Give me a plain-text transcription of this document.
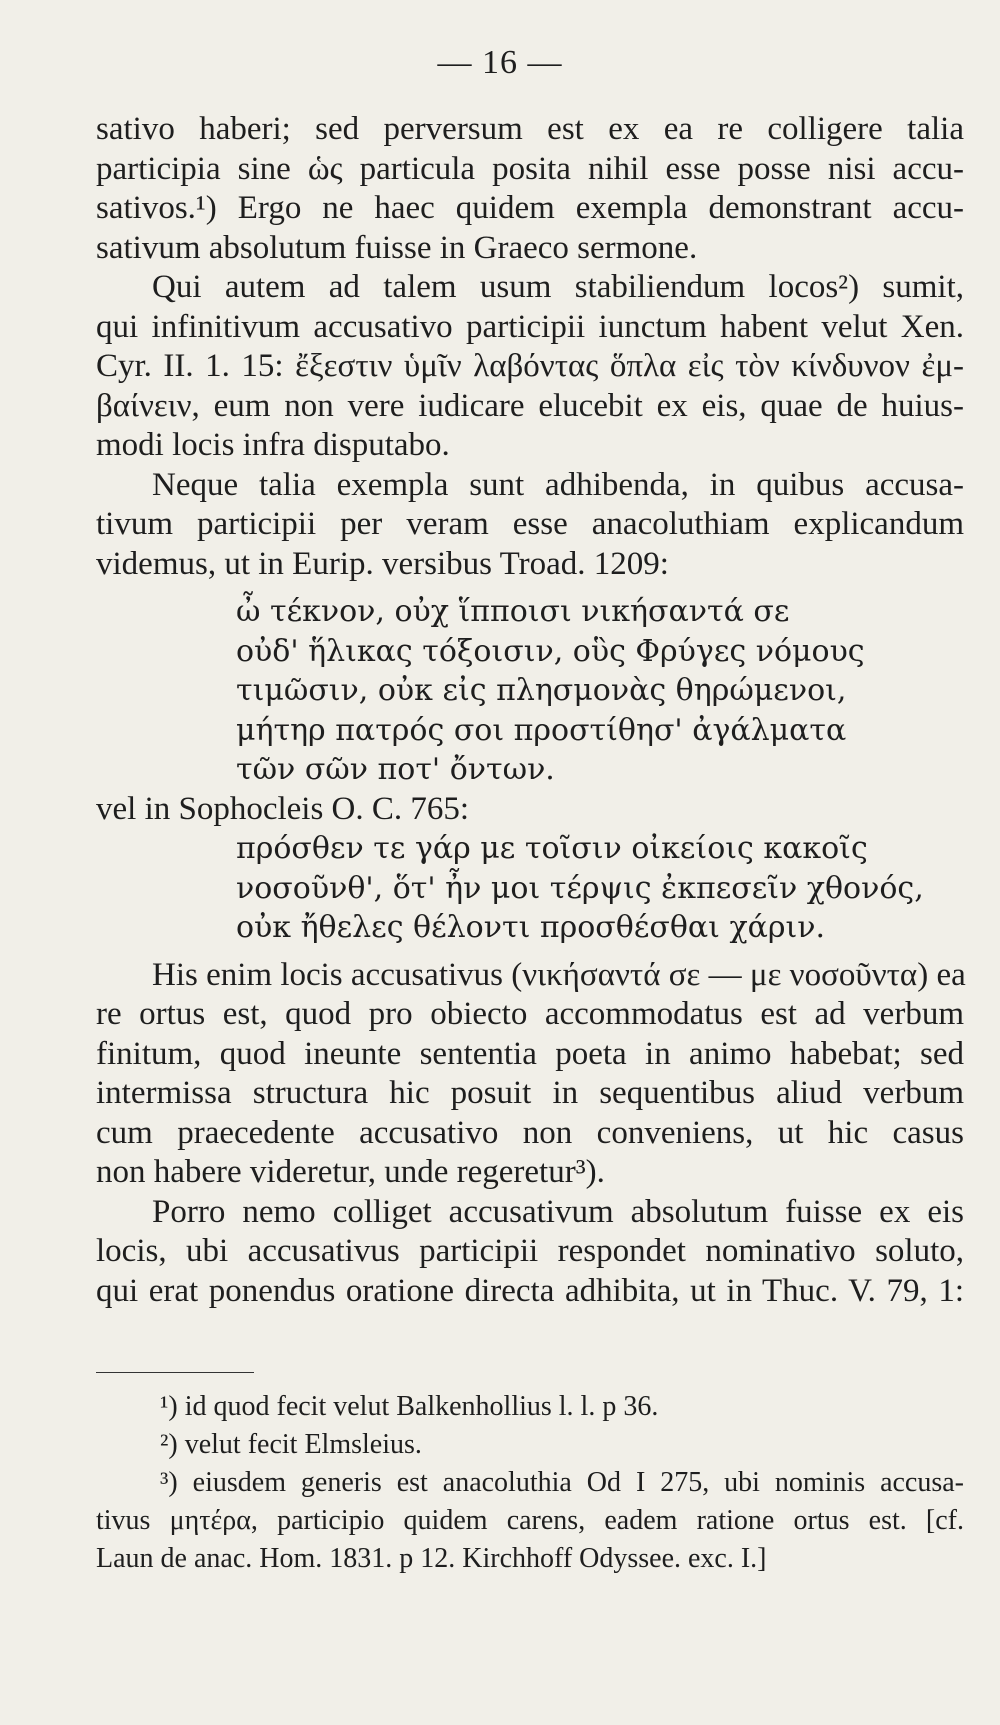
— 16 —
sativo haberi; sed perversum est ex ea re colligere talia
participia sine ὡς particula posita nihil esse posse nisi accu-
sativos.¹) Ergo ne haec quidem exempla demonstrant accu-
sativum absolutum fuisse in Graeco sermone.
Qui autem ad talem usum stabiliendum locos²) sumit,
qui infinitivum accusativo participii iunctum habent velut Xen.
Cyr. II. 1. 15: ἔξεστιν ὑμῖν λαβόντας ὅπλα εἰς τὸν κίνδυνον ἐμ-
βαίνειν, eum non vere iudicare elucebit ex eis, quae de huius-
modi locis infra disputabo.
Neque talia exempla sunt adhibenda, in quibus accusa-
tivum participii per veram esse anacoluthiam explicandum
videmus, ut in Eurip. versibus Troad. 1209:
ὦ τέκνον, οὐχ ἵπποισι νικήσαντά σε
οὐδ' ἥλικας τόξοισιν, οὓς Φρύγες νόμους
τιμῶσιν, οὐκ εἰς πλησμονὰς θηρώμενοι,
μήτηρ πατρός σοι προστίθησ' ἀγάλματα
τῶν σῶν ποτ' ὄντων.
vel in Sophocleis O. C. 765:
πρόσθεν τε γάρ με τοῖσιν οἰκείοις κακοῖς
νοσοῦνθ', ὅτ' ἦν μοι τέρψις ἐκπεσεῖν χθονός,
οὐκ ἤθελες θέλοντι προσθέσθαι χάριν.
His enim locis accusativus (νικήσαντά σε — με νοσοῦντα) ea
re ortus est, quod pro obiecto accommodatus est ad verbum
finitum, quod ineunte sententia poeta in animo habebat; sed
intermissa structura hic posuit in sequentibus aliud verbum
cum praecedente accusativo non conveniens, ut hic casus
non habere videretur, unde regeretur³).
Porro nemo colliget accusativum absolutum fuisse ex eis
locis, ubi accusativus participii respondet nominativo soluto,
qui erat ponendus oratione directa adhibita, ut in Thuc. V. 79, 1:
¹) id quod fecit velut Balkenhollius l. l. p 36.
²) velut fecit Elmsleius.
³) eiusdem generis est anacoluthia Od I 275, ubi nominis accusa-
tivus μητέρα, participio quidem carens, eadem ratione ortus est. [cf.
Laun de anac. Hom. 1831. p 12. Kirchhoff Odyssee. exc. I.]
